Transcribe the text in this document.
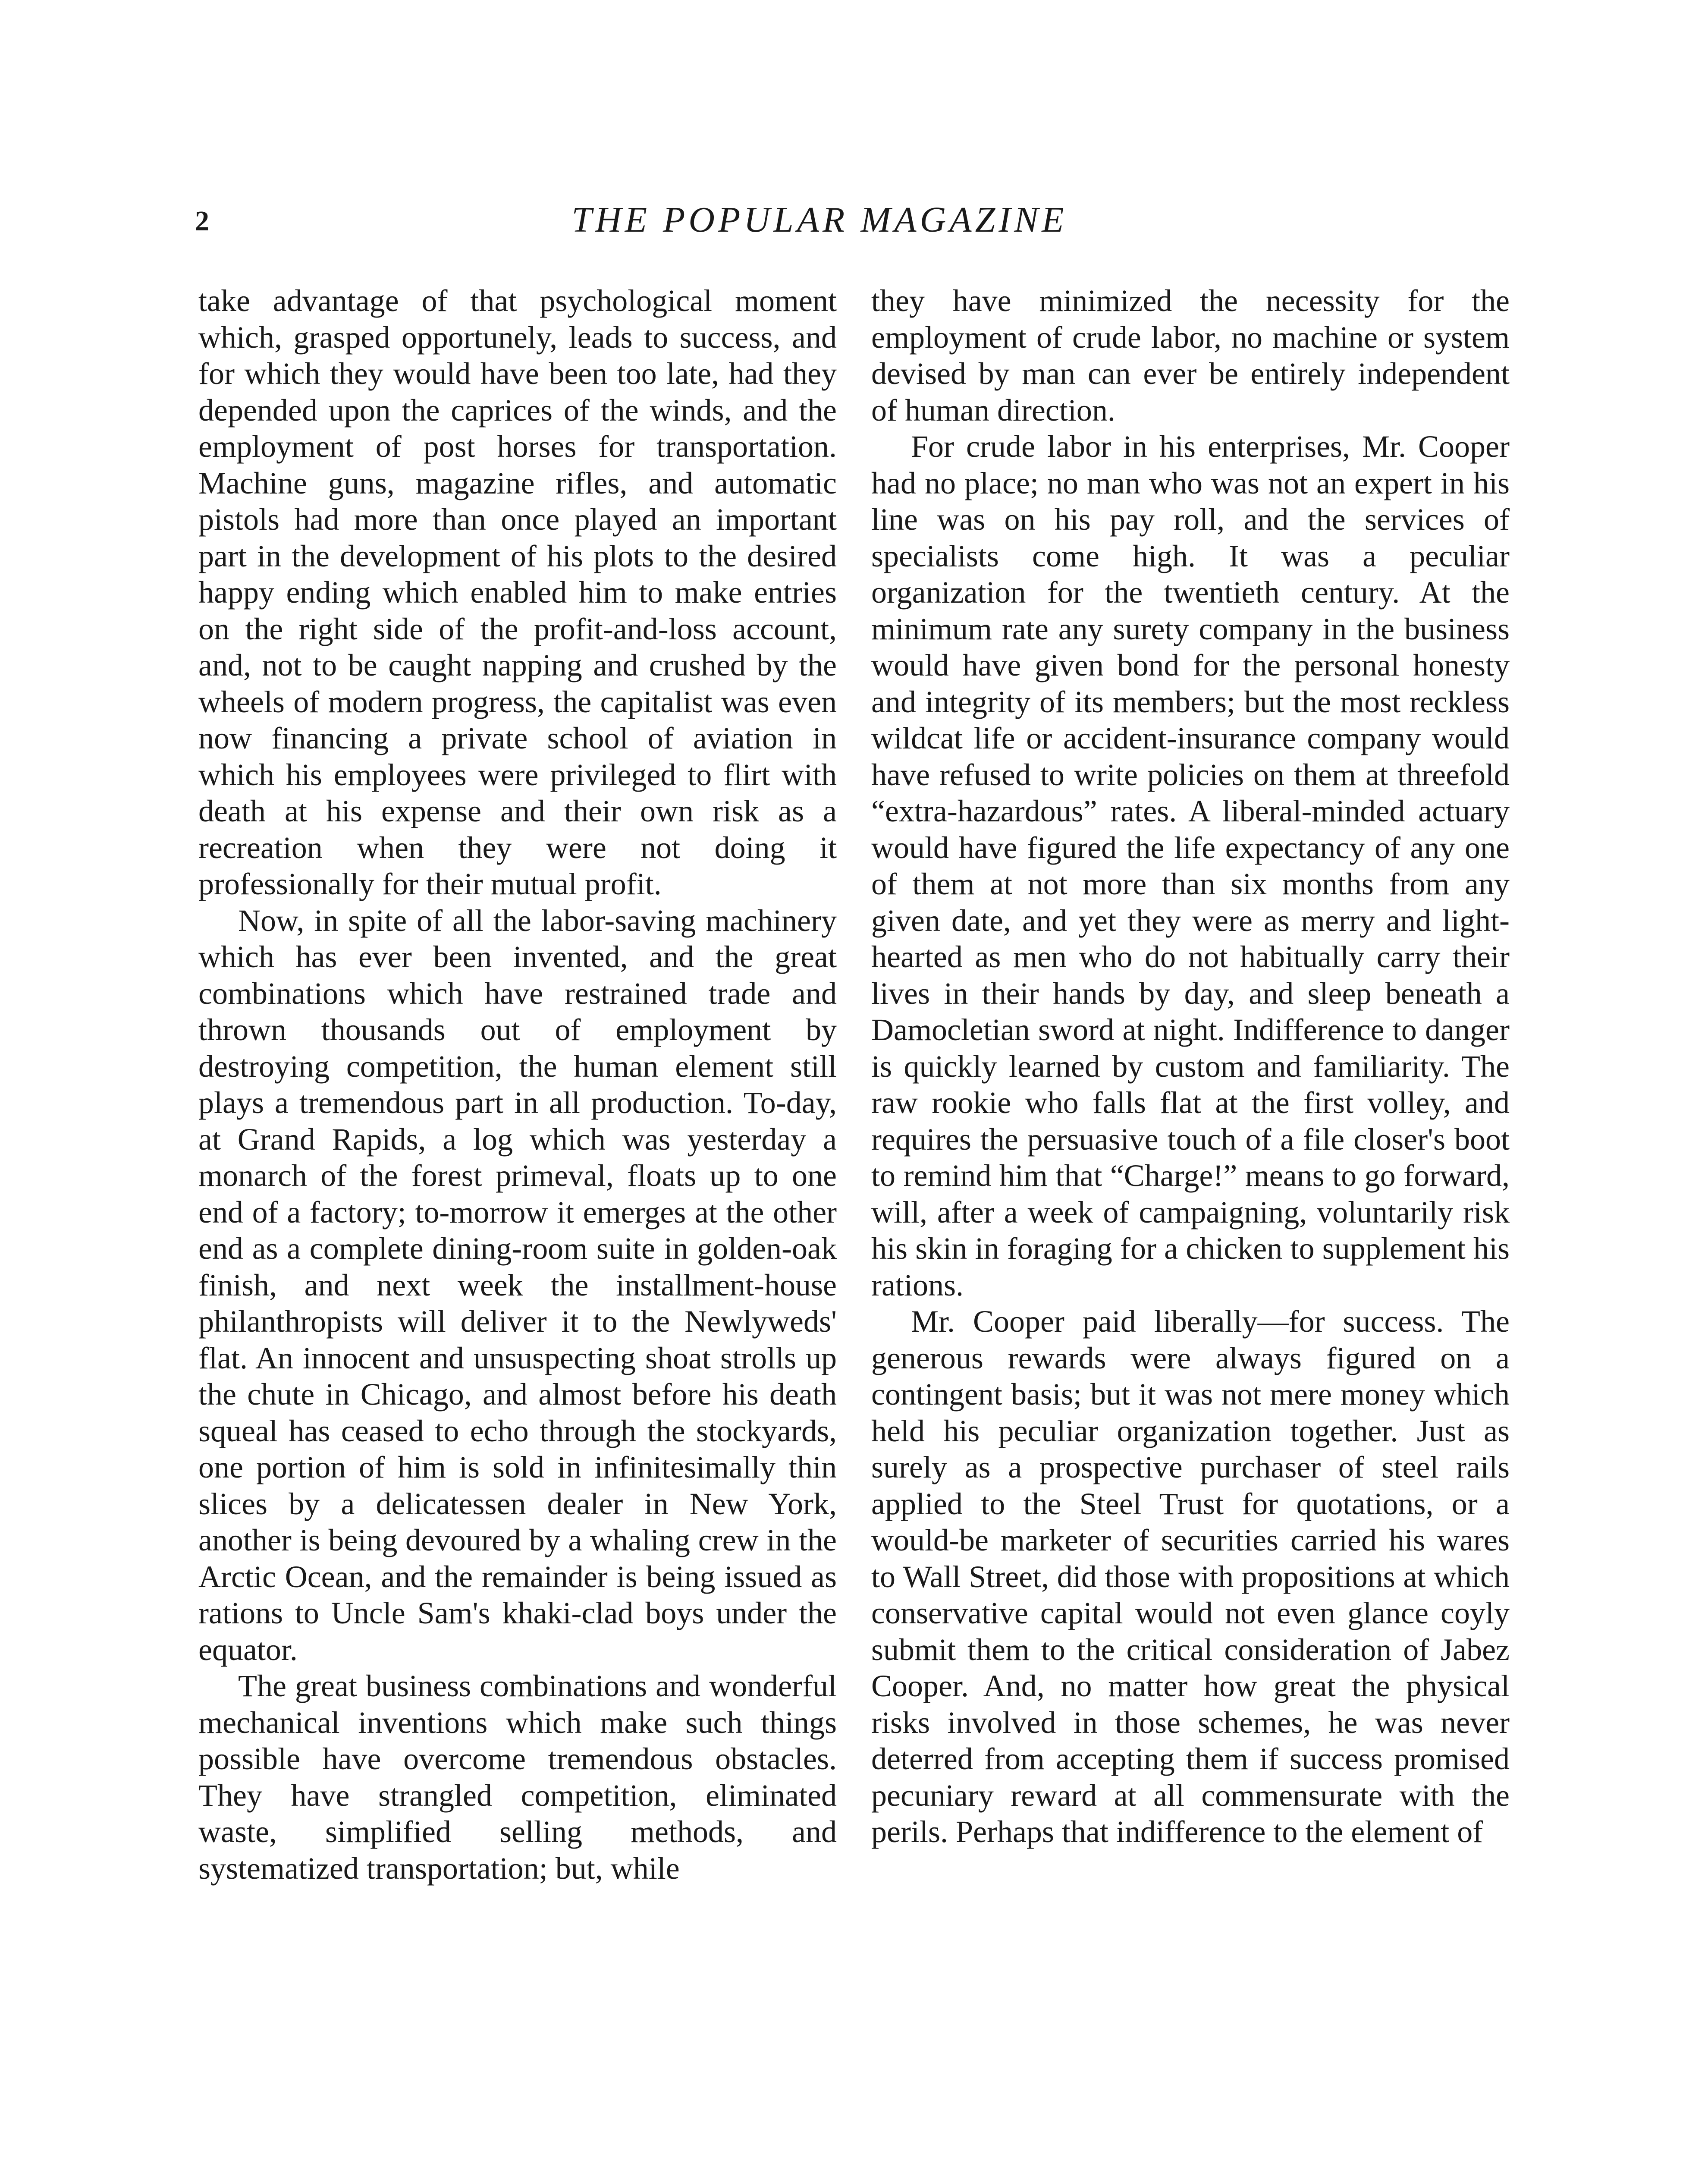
2	THE POPULAR MAGAZINE

take advantage of that psychological moment which, grasped opportunely, leads to success, and for which they would have been too late, had they depended upon the caprices of the winds, and the employment of post horses for transportation. Machine guns, magazine rifles, and automatic pistols had more than once played an important part in the development of his plots to the desired happy ending which enabled him to make entries on the right side of the profit-and-loss account, and, not to be caught napping and crushed by the wheels of modern progress, the capitalist was even now financing a private school of aviation in which his employees were privileged to flirt with death at his expense and their own risk as a recreation when they were not doing it professionally for their mutual profit.

Now, in spite of all the labor-saving machinery which has ever been invented, and the great combinations which have restrained trade and thrown thousands out of employment by destroying competition, the human element still plays a tremendous part in all production. To-day, at Grand Rapids, a log which was yesterday a monarch of the forest primeval, floats up to one end of a factory; to-morrow it emerges at the other end as a complete dining-room suite in golden-oak finish, and next week the installment-house philanthropists will deliver it to the Newlyweds' flat. An innocent and unsuspecting shoat strolls up the chute in Chicago, and almost before his death squeal has ceased to echo through the stockyards, one portion of him is sold in infinitesimally thin slices by a delicatessen dealer in New York, another is being devoured by a whaling crew in the Arctic Ocean, and the remainder is being issued as rations to Uncle Sam's khaki-clad boys under the equator.

The great business combinations and wonderful mechanical inventions which make such things possible have overcome tremendous obstacles. They have strangled competition, eliminated waste, simplified selling methods, and systematized transportation; but, while

they have minimized the necessity for the employment of crude labor, no machine or system devised by man can ever be entirely independent of human direction.

For crude labor in his enterprises, Mr. Cooper had no place; no man who was not an expert in his line was on his pay roll, and the services of specialists come high. It was a peculiar organization for the twentieth century. At the minimum rate any surety company in the business would have given bond for the personal honesty and integrity of its members; but the most reckless wildcat life or accident-insurance company would have refused to write policies on them at threefold “extra-hazardous” rates. A liberal-minded actuary would have figured the life expectancy of any one of them at not more than six months from any given date, and yet they were as merry and light-hearted as men who do not habitually carry their lives in their hands by day, and sleep beneath a Damocletian sword at night. Indifference to danger is quickly learned by custom and familiarity. The raw rookie who falls flat at the first volley, and requires the persuasive touch of a file closer's boot to remind him that “Charge!” means to go forward, will, after a week of campaigning, voluntarily risk his skin in foraging for a chicken to supplement his rations.

Mr. Cooper paid liberally—for success. The generous rewards were always figured on a contingent basis; but it was not mere money which held his peculiar organization together. Just as surely as a prospective purchaser of steel rails applied to the Steel Trust for quotations, or a would-be marketer of securities carried his wares to Wall Street, did those with propositions at which conservative capital would not even glance coyly submit them to the critical consideration of Jabez Cooper. And, no matter how great the physical risks involved in those schemes, he was never deterred from accepting them if success promised pecuniary reward at all commensurate with the perils. Perhaps that indifference to the element of
